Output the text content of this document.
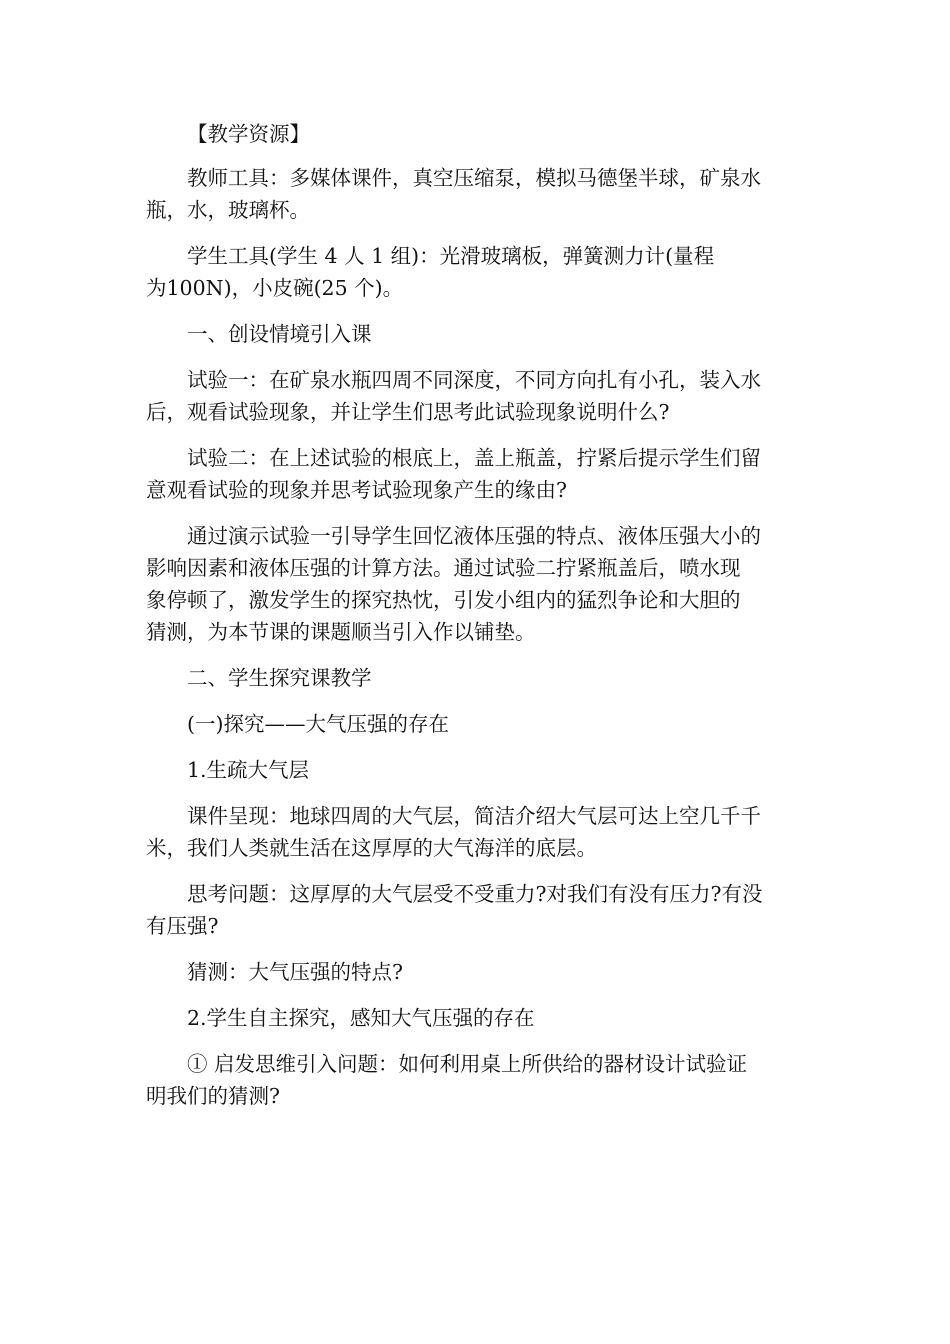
【教学资源】

教师工具：多媒体课件，真空压缩泵，模拟马德堡半球，矿泉水
瓶，水，玻璃杯。

学生工具(学生 4 人 1 组)：光滑玻璃板，弹簧测力计(量程
为100N)，小皮碗(25 个)。

一、创设情境引入课

试验一：在矿泉水瓶四周不同深度，不同方向扎有小孔，装入水
后，观看试验现象，并让学生们思考此试验现象说明什么?

试验二：在上述试验的根底上，盖上瓶盖，拧紧后提示学生们留
意观看试验的现象并思考试验现象产生的缘由?

通过演示试验一引导学生回忆液体压强的特点、液体压强大小的
影响因素和液体压强的计算方法。通过试验二拧紧瓶盖后，喷水现
象停顿了，激发学生的探究热忱，引发小组内的猛烈争论和大胆的
猜测，为本节课的课题顺当引入作以铺垫。

二、学生探究课教学

(一)探究——大气压强的存在

1.生疏大气层

课件呈现：地球四周的大气层，简洁介绍大气层可达上空几千千
米，我们人类就生活在这厚厚的大气海洋的底层。

思考问题：这厚厚的大气层受不受重力?对我们有没有压力?有没
有压强?

猜测：大气压强的特点?

2.学生自主探究，感知大气压强的存在

① 启发思维引入问题：如何利用桌上所供给的器材设计试验证
明我们的猜测?
